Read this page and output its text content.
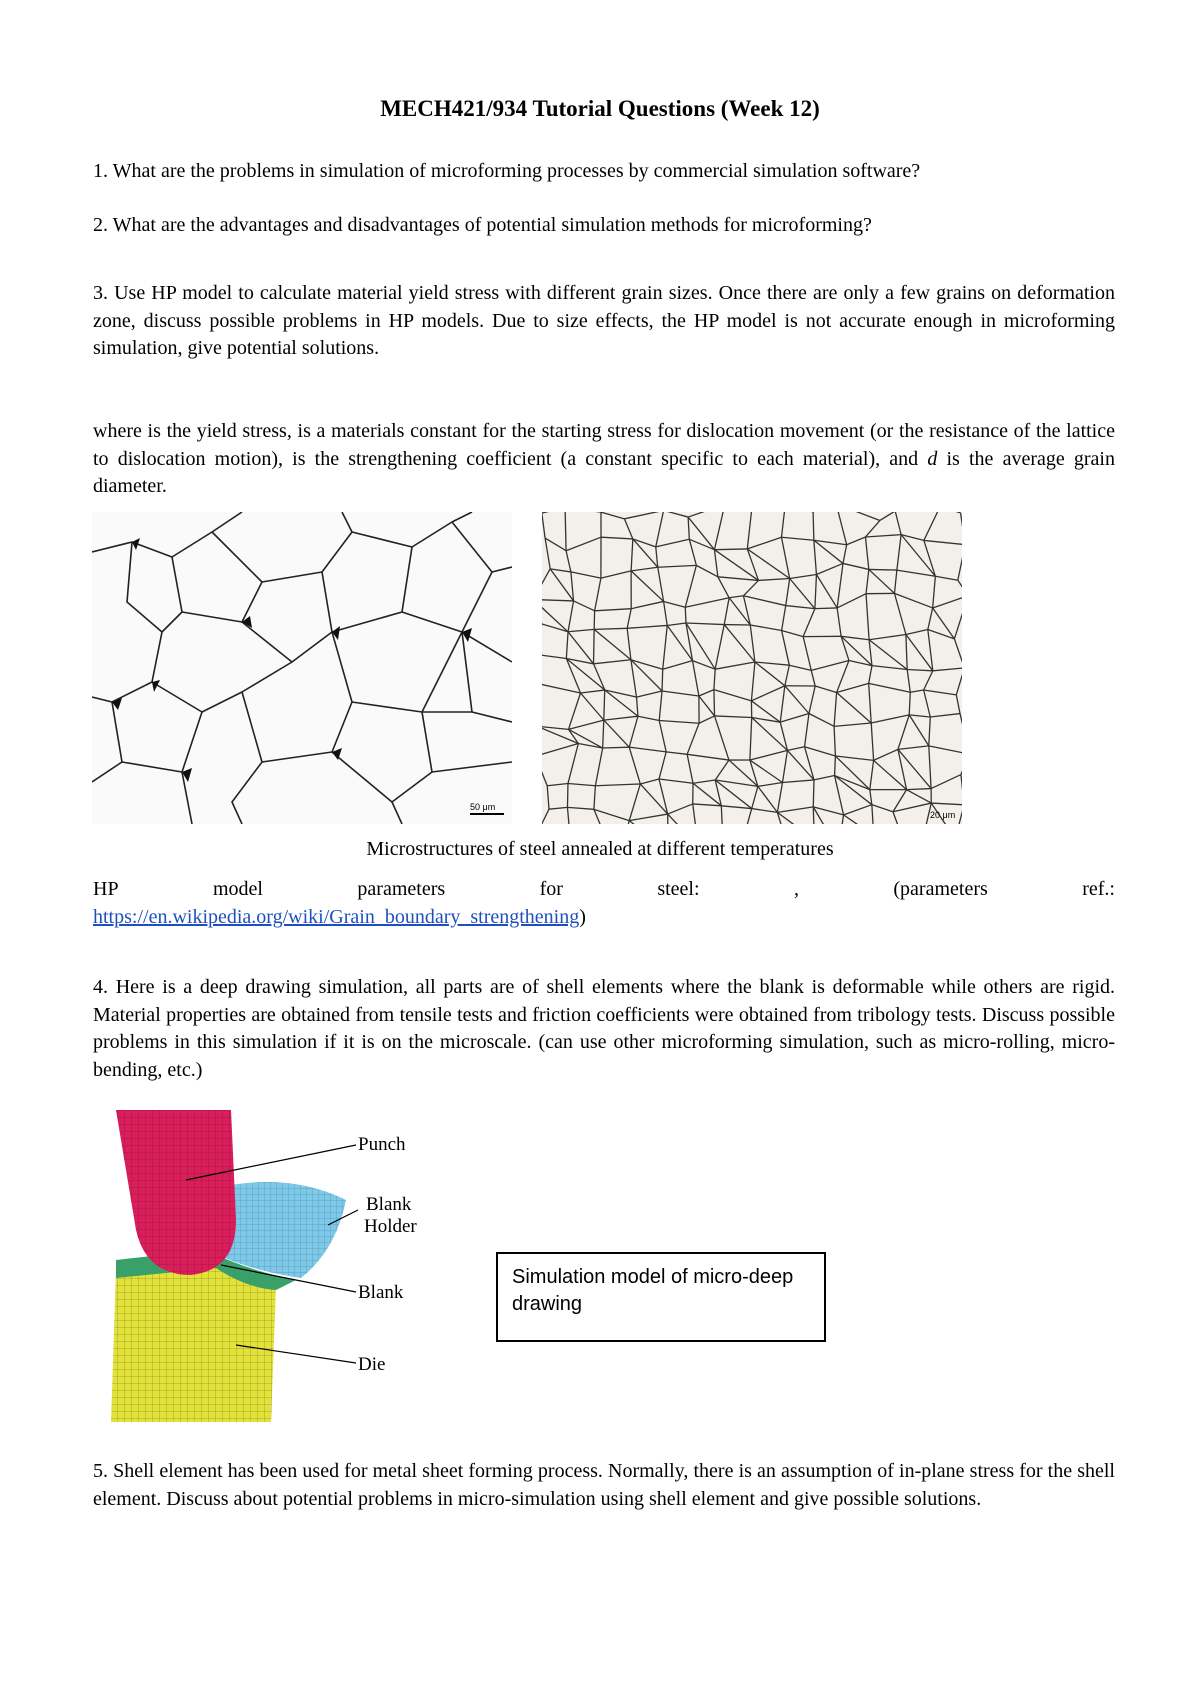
MECH421/934 Tutorial Questions (Week 12)
1. What are the problems in simulation of microforming processes by commercial simulation software?
2. What are the advantages and disadvantages of potential simulation methods for microforming?
3. Use HP model to calculate material yield stress with different grain sizes. Once there are only a few grains on deformation zone, discuss possible problems in HP models. Due to size effects, the HP model is not accurate enough in microforming simulation, give potential solutions.
where is the yield stress, is a materials constant for the starting stress for dislocation movement (or the resistance of the lattice to dislocation motion), is the strengthening coefficient (a constant specific to each material), and d is the average grain diameter.
50 μm
20 μm
Microstructures of steel annealed at different temperatures
HP	model	parameters	for	steel:	,	(parameters	ref.:
https://en.wikipedia.org/wiki/Grain_boundary_strengthening)
4. Here is a deep drawing simulation, all parts are of shell elements where the blank is deformable while others are rigid. Material properties are obtained from tensile tests and friction coefficients were obtained from tribology tests. Discuss possible problems in this simulation if it is on the microscale. (can use other microforming simulation, such as micro-rolling, micro-bending, etc.)
Punch
Blank
Holder
Blank
Die
Simulation model of micro-deep drawing
5. Shell element has been used for metal sheet forming process. Normally, there is an assumption of in-plane stress for the shell element. Discuss about potential problems in micro-simulation using shell element and give possible solutions.
